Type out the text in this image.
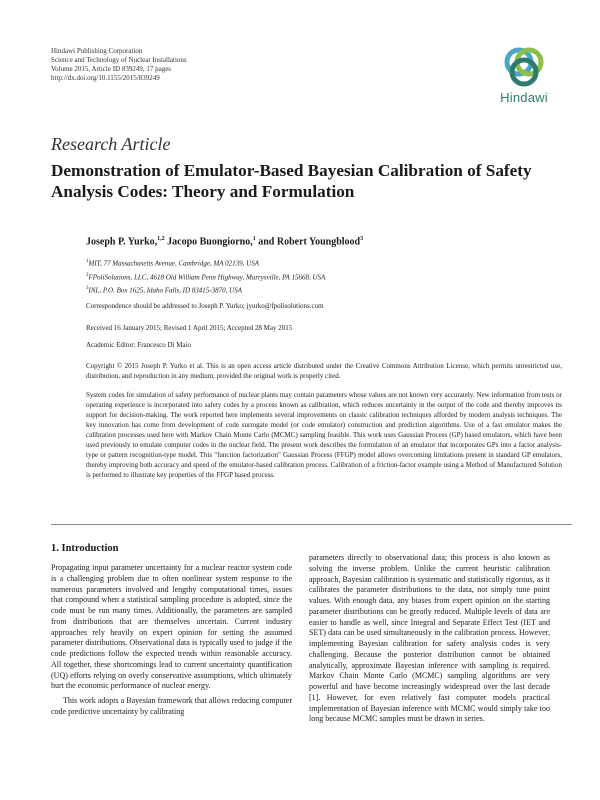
Hindawi Publishing Corporation
Science and Technology of Nuclear Installations
Volume 2015, Article ID 839249, 17 pages
http://dx.doi.org/10.1155/2015/839249
Hindawi
Research Article
Demonstration of Emulator-Based Bayesian Calibration of Safety Analysis Codes: Theory and Formulation
Joseph P. Yurko,$^{1,2}$ Jacopo Buongiorno,$^1$ and Robert Youngblood$^3$
$^1$MIT, 77 Massachusetts Avenue, Cambridge, MA 02139, USA
$^2$FPoliSolutions, LLC, 4618 Old William Penn Highway, Murrysville, PA 15668, USA
$^3$INL, P.O. Box 1625, Idaho Falls, ID 83415-3870, USA
Correspondence should be addressed to Joseph P. Yurko; jyurko@fpolisolutions.com
Received 16 January 2015; Revised 1 April 2015; Accepted 28 May 2015
Academic Editor: Francesco Di Maio
Copyright © 2015 Joseph P. Yurko et al. This is an open access article distributed under the Creative Commons Attribution License, which permits unrestricted use, distribution, and reproduction in any medium, provided the original work is properly cited.
System codes for simulation of safety performance of nuclear plants may contain parameters whose values are not known very accurately. New information from tests or operating experience is incorporated into safety codes by a process known as calibration, which reduces uncertainty in the output of the code and thereby improves its support for decision-making. The work reported here implements several improvements on classic calibration techniques afforded by modern analysis techniques. The key innovation has come from development of code surrogate model (or code emulator) construction and prediction algorithms. Use of a fast emulator makes the calibration processes used here with Markov Chain Monte Carlo (MCMC) sampling feasible. This work uses Gaussian Process (GP) based emulators, which have been used previously to emulate computer codes in the nuclear field. The present work describes the formulation of an emulator that incorporates GPs into a factor analysis-type or pattern recognition-type model. This "function factorization" Gaussian Process (FFGP) model allows overcoming limitations present in standard GP emulators, thereby improving both accuracy and speed of the emulator-based calibration process. Calibration of a friction-factor example using a Method of Manufactured Solution is performed to illustrate key properties of the FFGP based process.
1. Introduction

Propagating input parameter uncertainty for a nuclear reactor system code is a challenging problem due to often nonlinear system response to the numerous parameters involved and lengthy computational times, issues that compound when a statistical sampling procedure is adopted, since the code must be run many times. Additionally, the parameters are sampled from distributions that are themselves uncertain. Current industry approaches rely heavily on expert opinion for setting the assumed parameter distributions. Observational data is typically used to judge if the code predictions follow the expected trends within reasonable accuracy. All together, these shortcomings lead to current uncertainty quantification (UQ) efforts relying on overly conservative assumptions, which ultimately hurt the economic performance of nuclear energy.

This work adopts a Bayesian framework that allows reducing computer code predictive uncertainty by calibrating

parameters directly to observational data; this process is also known as solving the inverse problem. Unlike the current heuristic calibration approach, Bayesian calibration is systematic and statistically rigorous, as it calibrates the parameter distributions to the data, not simply tune point values. With enough data, any biases from expert opinion on the starting parameter distributions can be greatly reduced. Multiple levels of data are easier to handle as well, since Integral and Separate Effect Test (IET and SET) data can be used simultaneously in the calibration process. However, implementing Bayesian calibration for safety analysis codes is very challenging. Because the posterior distribution cannot be obtained analytically, approximate Bayesian inference with sampling is required. Markov Chain Monte Carlo (MCMC) sampling algorithms are very powerful and have become increasingly widespread over the last decade [1]. However, for even relatively fast computer models practical implementation of Bayesian inference with MCMC would simply take too long because MCMC samples must be drawn in series.
